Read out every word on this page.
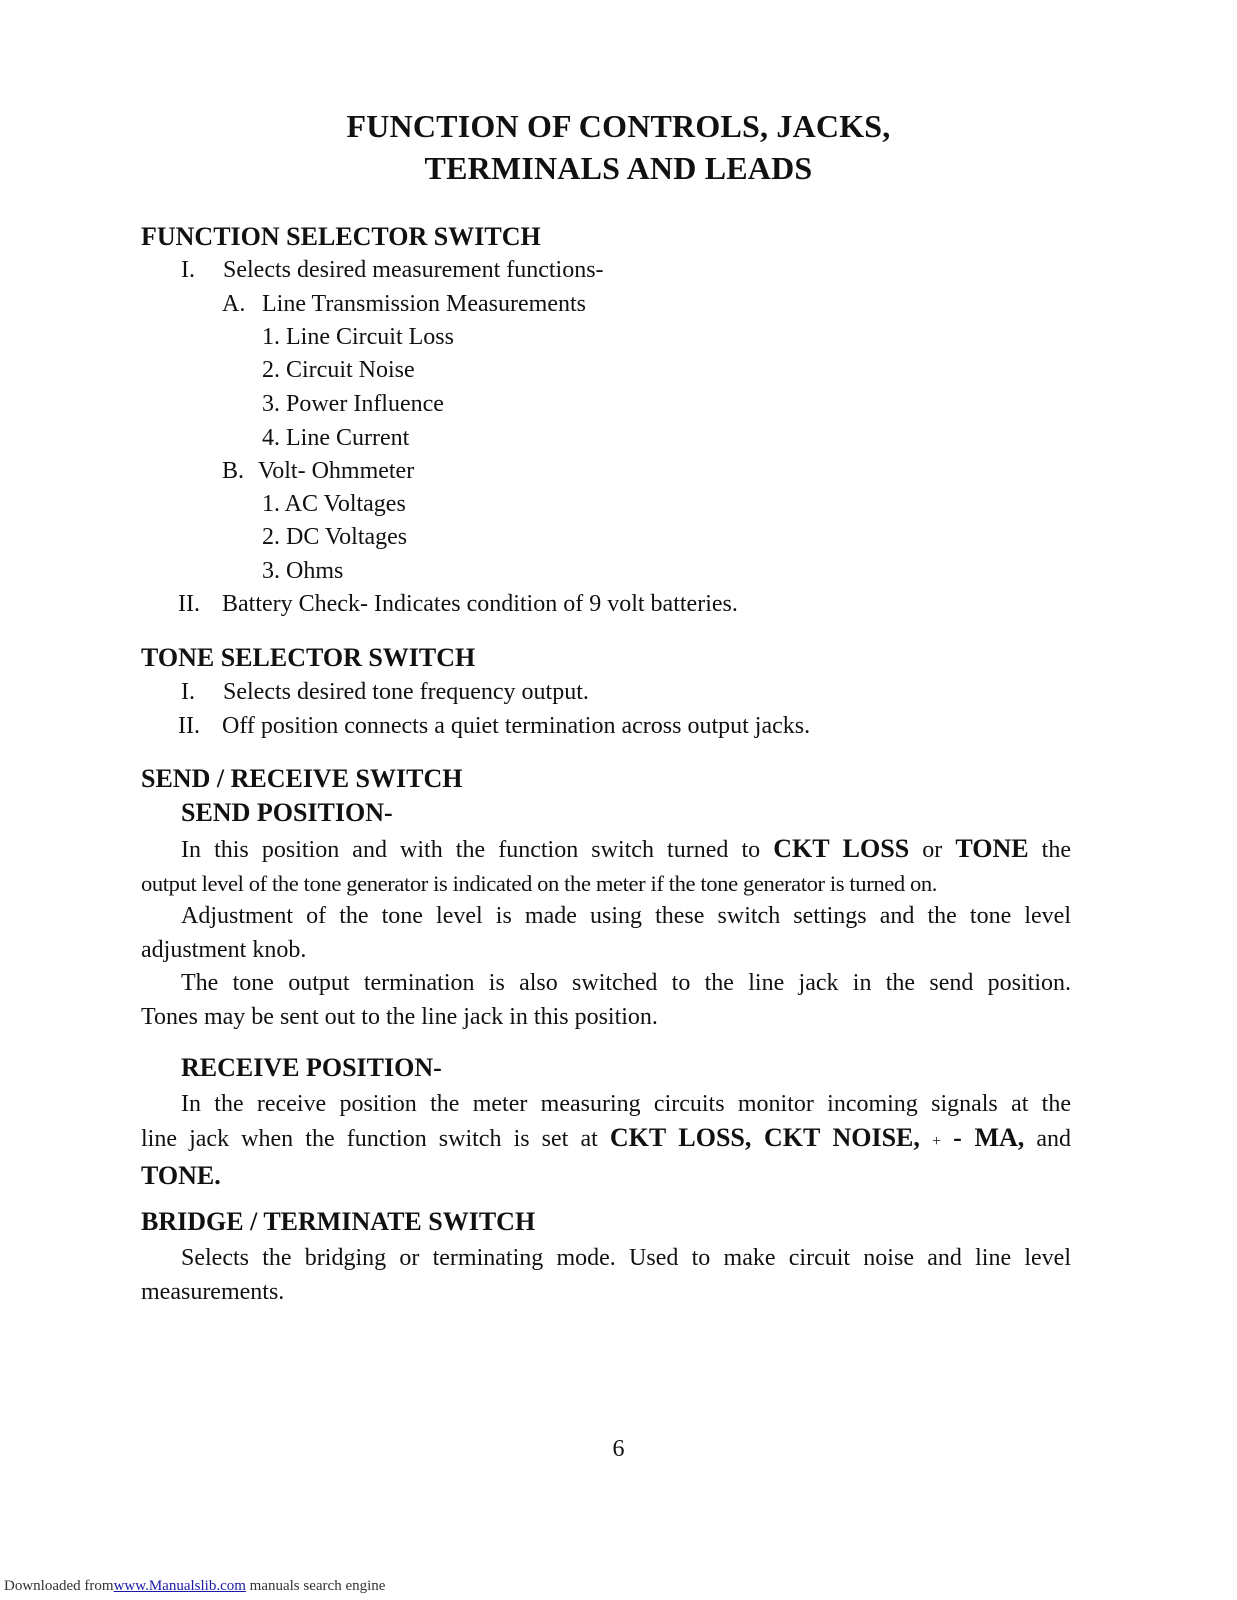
FUNCTION OF CONTROLS, JACKS,
TERMINALS AND LEADS
FUNCTION SELECTOR SWITCH
I. Selects desired measurement functions-
A. Line Transmission Measurements
1. Line Circuit Loss
2. Circuit Noise
3. Power Influence
4. Line Current
B. Volt- Ohmmeter
1. AC Voltages
2. DC Voltages
3. Ohms
II. Battery Check- Indicates condition of 9 volt batteries.
TONE SELECTOR SWITCH
I. Selects desired tone frequency output.
II. Off position connects a quiet termination across output jacks.
SEND / RECEIVE SWITCH
SEND POSITION-
In this position and with the function switch turned to CKT LOSS or TONE the
output level of the tone generator is indicated on the meter if the tone generator is turned on.
Adjustment of the tone level is made using these switch settings and the tone level
adjustment knob.
The tone output termination is also switched to the line jack in the send position.
Tones may be sent out to the line jack in this position.
RECEIVE POSITION-
In the receive position the meter measuring circuits monitor incoming signals at the
line jack when the function switch is set at CKT LOSS, CKT NOISE, + - MA, and
TONE.
BRIDGE / TERMINATE SWITCH
Selects the bridging or terminating mode. Used to make circuit noise and line level
measurements.
6
Downloaded fromwww.Manualslib.com manuals search engine
